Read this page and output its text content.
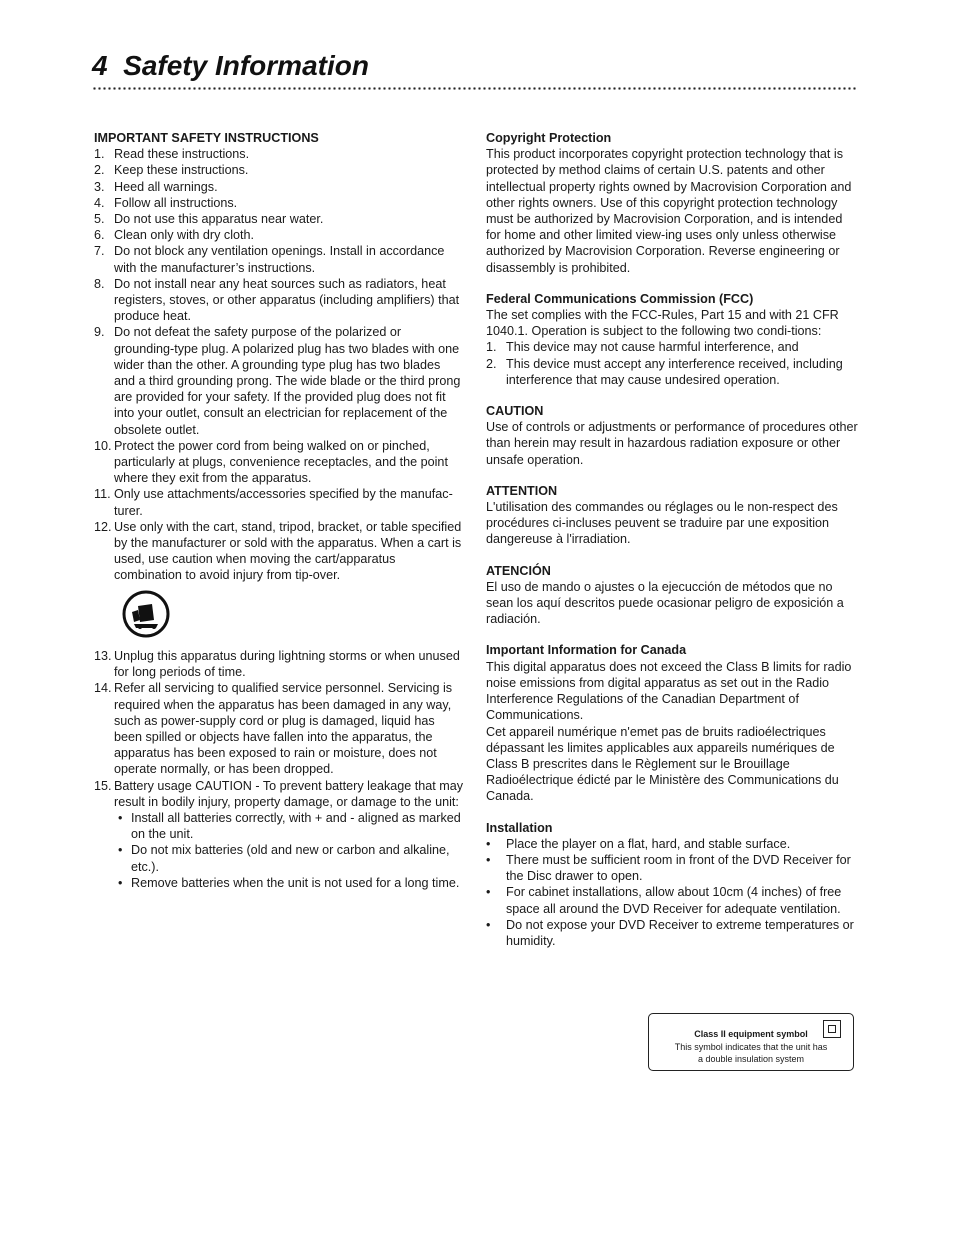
4 Safety Information

IMPORTANT SAFETY INSTRUCTIONS

1. Read these instructions.
2. Keep these instructions.
3. Heed all warnings.
4. Follow all instructions.
5. Do not use this apparatus near water.
6. Clean only with dry cloth.
7. Do not block any ventilation openings. Install in accordance with the manufacturer’s instructions.
8. Do not install near any heat sources such as radiators, heat registers, stoves, or other apparatus (including amplifiers) that produce heat.
9. Do not defeat the safety purpose of the polarized or grounding-type plug. A polarized plug has two blades with one wider than the other. A grounding type plug has two blades and a third grounding prong. The wide blade or the third prong are provided for your safety. If the provided plug does not fit into your outlet, consult an electrician for replacement of the obsolete outlet.
10. Protect the power cord from being walked on or pinched, particularly at plugs, convenience receptacles, and the point where they exit from the apparatus.
11. Only use attachments/accessories specified by the manufac-turer.
12. Use only with the cart, stand, tripod, bracket, or table specified by the manufacturer or sold with the apparatus. When a cart is used, use caution when moving the cart/apparatus combination to avoid injury from tip-over.
13. Unplug this apparatus during lightning storms or when unused for long periods of time.
14. Refer all servicing to qualified service personnel. Servicing is required when the apparatus has been damaged in any way, such as power-supply cord or plug is damaged, liquid has been spilled or objects have fallen into the apparatus, the apparatus has been exposed to rain or moisture, does not operate normally, or has been dropped.
15. Battery usage CAUTION - To prevent battery leakage that may result in bodily injury, property damage, or damage to the unit:
• Install all batteries correctly, with + and - aligned as marked on the unit.
• Do not mix batteries (old and new or carbon and alkaline, etc.).
• Remove batteries when the unit is not used for a long time.

Copyright Protection

This product incorporates copyright protection technology that is protected by method claims of certain U.S. patents and other intellectual property rights owned by Macrovision Corporation and other rights owners. Use of this copyright protection technology must be authorized by Macrovision Corporation, and is intended for home and other limited view-ing uses only unless otherwise authorized by Macrovision Corporation. Reverse engineering or disassembly is prohibited.

Federal Communications Commission (FCC)

The set complies with the FCC-Rules, Part 15 and with 21 CFR 1040.1. Operation is subject to the following two condi-tions:

1. This device may not cause harmful interference, and
2. This device must accept any interference received, including interference that may cause undesired operation.

CAUTION

Use of controls or adjustments or performance of procedures other than herein may result in hazardous radiation exposure or other unsafe operation.

ATTENTION

L'utilisation des commandes ou réglages ou le non-respect des procédures ci-incluses peuvent se traduire par une exposition dangereuse à l'irradiation.

ATENCIÓN

El uso de mando o ajustes o la ejecucción de métodos que no sean los aquí descritos puede ocasionar peligro de exposición a radiación.

Important Information for Canada

This digital apparatus does not exceed the Class B limits for radio noise emissions from digital apparatus as set out in the Radio Interference Regulations of the Canadian Department of Communications.

Cet appareil numérique n'emet pas de bruits radioélectriques dépassant les limites applicables aux appareils numériques de Class B prescrites dans le Règlement sur le Brouillage Radioélectrique édicté par le Ministère des Communications du Canada.

Installation

• Place the player on a flat, hard, and stable surface.
• There must be sufficient room in front of the DVD Receiver for the Disc drawer to open.
• For cabinet installations, allow about 10cm (4 inches) of free space all around the DVD Receiver for adequate ventilation.
• Do not expose your DVD Receiver to extreme temperatures or humidity.
Class II equipment symbol
This symbol indicates that the unit has
a double insulation system
